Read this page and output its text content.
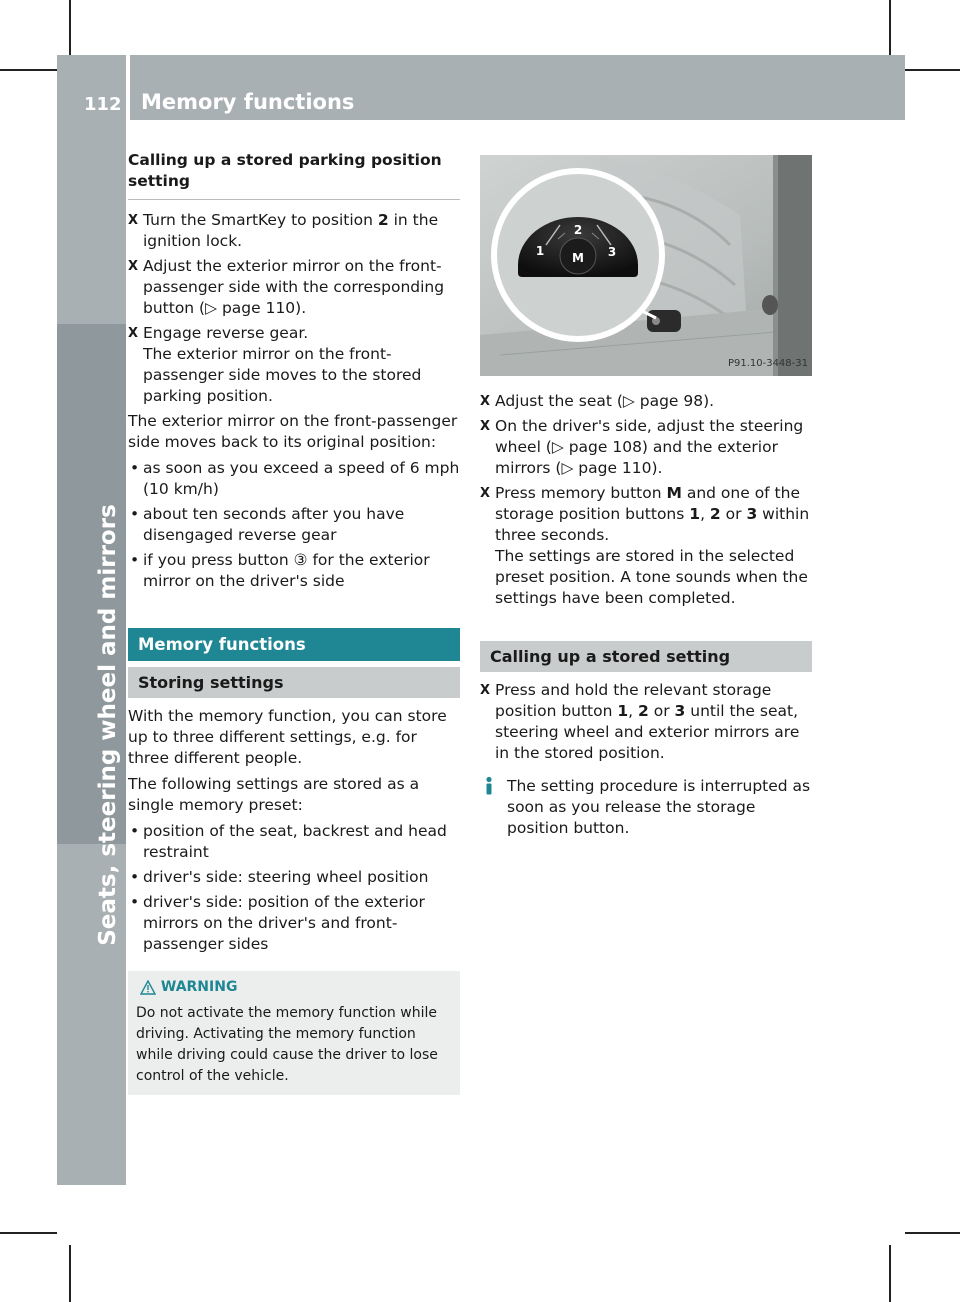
112 Memory functions
Seats, steering wheel and mirrors
Calling up a stored parking position setting
X Turn the SmartKey to position 2 in the ignition lock.
X Adjust the exterior mirror on the front-passenger side with the corresponding button (▷ page 110).
X Engage reverse gear.
The exterior mirror on the front-passenger side moves to the stored parking position.

The exterior mirror on the front-passenger side moves back to its original position:

• as soon as you exceed a speed of 6 mph (10 km/h)
• about ten seconds after you have disengaged reverse gear
• if you press button ③ for the exterior mirror on the driver's side
Memory functions
Storing settings

With the memory function, you can store up to three different settings, e.g. for three different people.

The following settings are stored as a single memory preset:

• position of the seat, backrest and head restraint
• driver's side: steering wheel position
• driver's side: position of the exterior mirrors on the driver's and front-passenger sides
WARNING
Do not activate the memory function while driving. Activating the memory function while driving could cause the driver to lose control of the vehicle.
2
1	3
M
P91.10-3448-31
X Adjust the seat (▷ page 98).
X On the driver's side, adjust the steering wheel (▷ page 108) and the exterior mirrors (▷ page 110).
X Press memory button M and one of the storage position buttons 1, 2 or 3 within three seconds.
The settings are stored in the selected preset position. A tone sounds when the settings have been completed.
Calling up a stored setting
X Press and hold the relevant storage position button 1, 2 or 3 until the seat, steering wheel and exterior mirrors are in the stored position.
The setting procedure is interrupted as soon as you release the storage position button.
